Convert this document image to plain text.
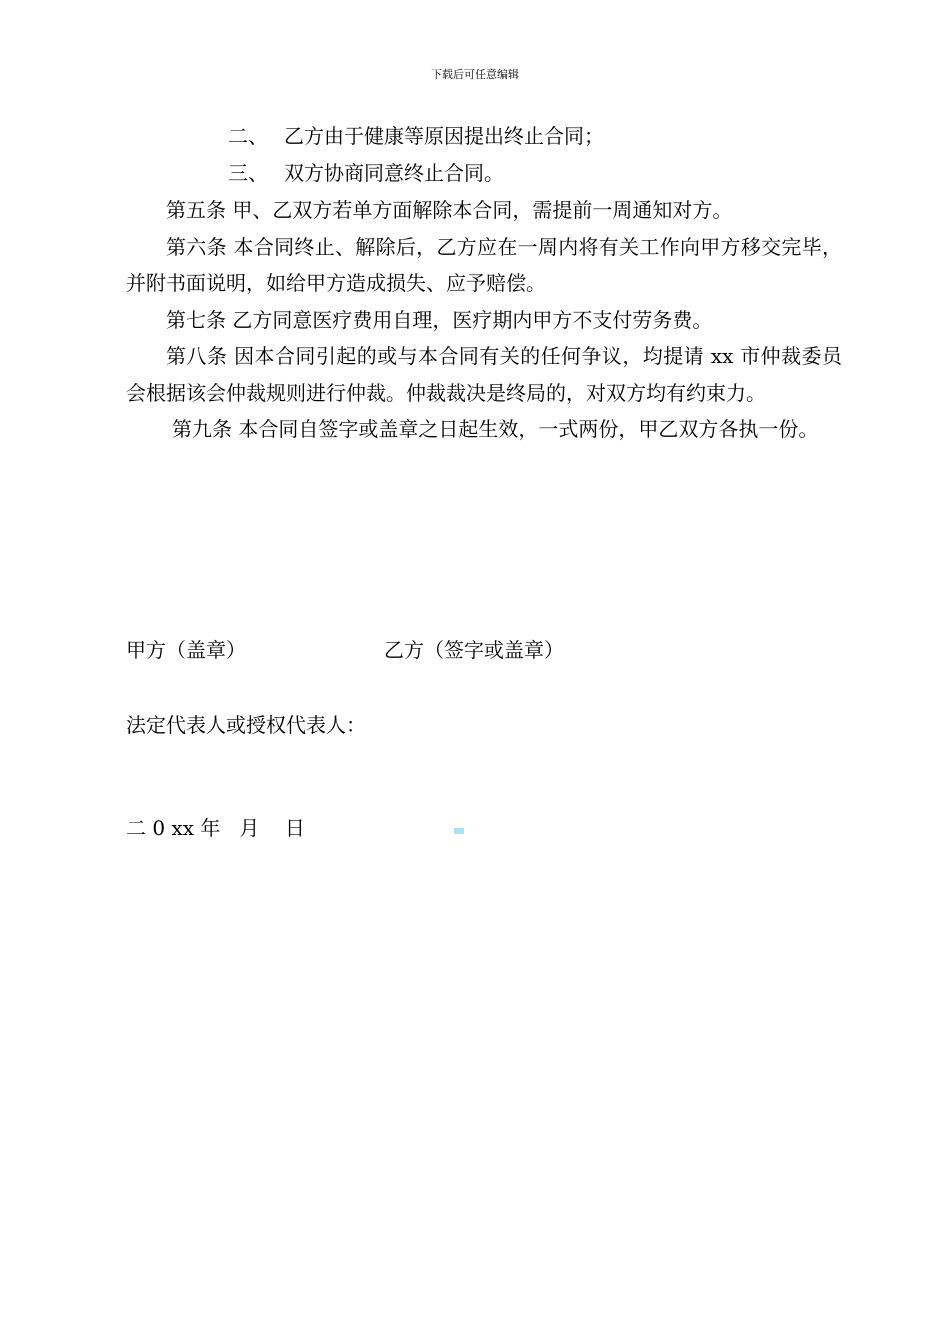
下载后可任意编辑
二、 乙方由于健康等原因提出终止合同；
三、 双方协商同意终止合同。

第五条 甲、乙双方若单方面解除本合同，需提前一周通知对方。

第六条 本合同终止、解除后，乙方应在一周内将有关工作向甲方移交完毕，并附书面说明，如给甲方造成损失、应予赔偿。

第七条 乙方同意医疗费用自理，医疗期内甲方不支付劳务费。

第八条 因本合同引起的或与本合同有关的任何争议，均提请 xx 市仲裁委员会根据该会仲裁规则进行仲裁。仲裁裁决是终局的，对双方均有约束力。

第九条 本合同自签字或盖章之日起生效，一式两份，甲乙双方各执一份。

甲方（盖章）	乙方（签字或盖章）
法定代表人或授权代表人：
二 0 xx 年   月    日
